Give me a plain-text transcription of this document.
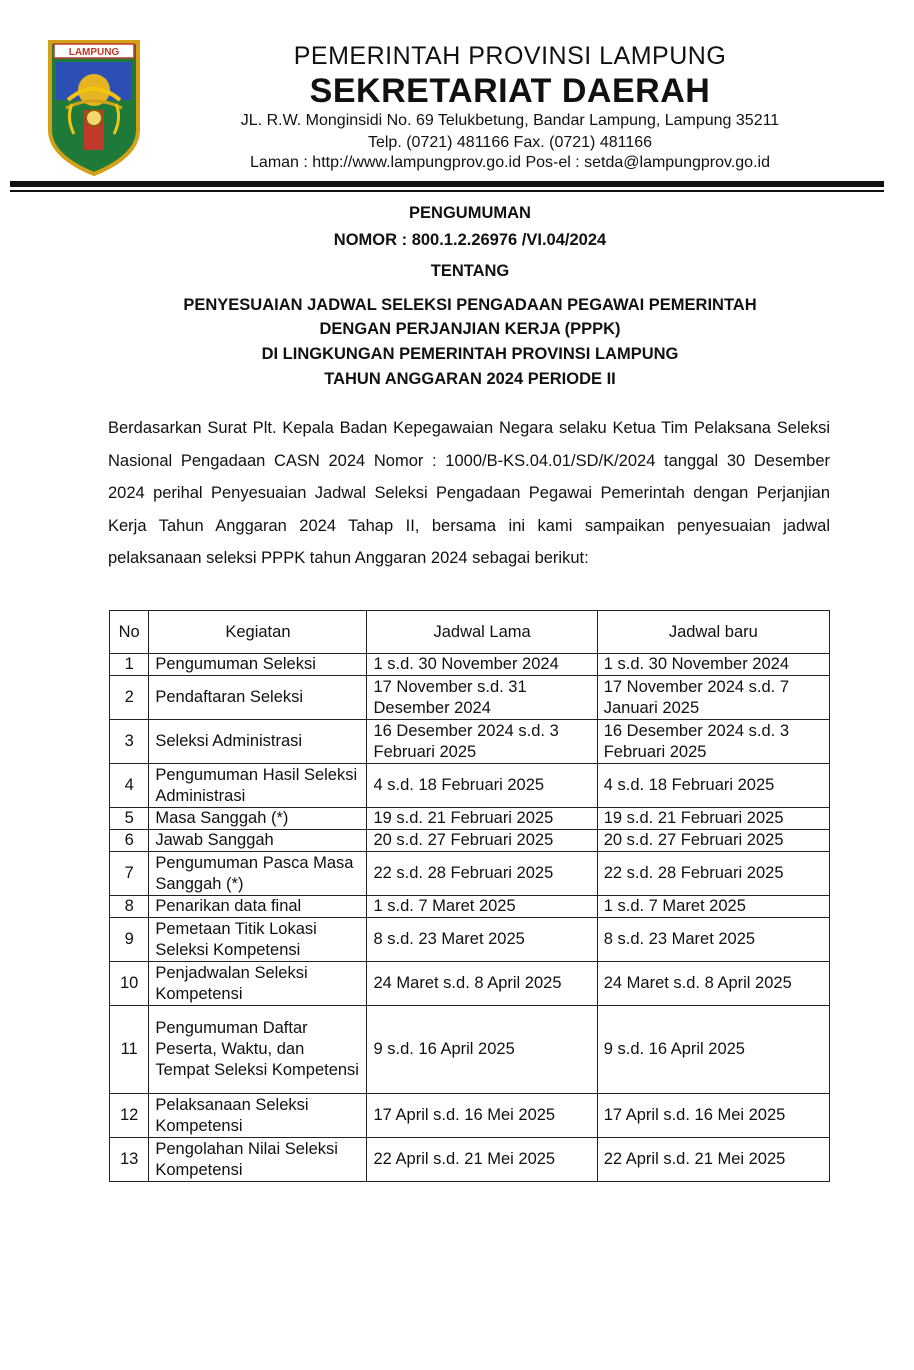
LAMPUNG	PEMERINTAH PROVINSI LAMPUNG
SEKRETARIAT DAERAH
JL. R.W. Monginsidi No. 69 Telukbetung, Bandar Lampung, Lampung 35211
Telp. (0721) 481166 Fax. (0721) 481166
Laman : http://www.lampungprov.go.id Pos-el : setda@lampungprov.go.id
PENGUMUMAN
NOMOR : 800.1.2.26976 /VI.04/2024
TENTANG
PENYESUAIAN JADWAL SELEKSI PENGADAAN PEGAWAI PEMERINTAH
DENGAN PERJANJIAN KERJA (PPPK)
DI LINGKUNGAN PEMERINTAH PROVINSI LAMPUNG
TAHUN ANGGARAN 2024 PERIODE II
Berdasarkan Surat Plt. Kepala Badan Kepegawaian Negara selaku Ketua Tim Pelaksana Seleksi Nasional Pengadaan CASN 2024 Nomor : 1000/B-KS.04.01/SD/K/2024 tanggal 30 Desember 2024 perihal Penyesuaian Jadwal Seleksi Pengadaan Pegawai Pemerintah dengan Perjanjian Kerja Tahun Anggaran 2024 Tahap II, bersama ini kami sampaikan penyesuaian jadwal pelaksanaan seleksi PPPK tahun Anggaran 2024 sebagai berikut:
No	Kegiatan	Jadwal Lama	Jadwal baru
1	Pengumuman Seleksi	1 s.d. 30 November 2024	1 s.d. 30 November 2024
2	Pendaftaran Seleksi	17 November s.d. 31 Desember 2024	17 November 2024 s.d. 7 Januari 2025
3	Seleksi Administrasi	16 Desember 2024 s.d. 3 Februari 2025	16 Desember 2024 s.d. 3 Februari 2025
4	Pengumuman Hasil Seleksi Administrasi	4 s.d. 18 Februari 2025	4 s.d. 18 Februari 2025
5	Masa Sanggah (*)	19 s.d. 21 Februari 2025	19 s.d. 21 Februari 2025
6	Jawab Sanggah	20 s.d. 27 Februari 2025	20 s.d. 27 Februari 2025
7	Pengumuman Pasca Masa Sanggah (*)	22 s.d. 28 Februari 2025	22 s.d. 28 Februari 2025
8	Penarikan data final	1 s.d. 7 Maret 2025	1 s.d. 7 Maret 2025
9	Pemetaan Titik Lokasi Seleksi Kompetensi	8 s.d. 23 Maret 2025	8 s.d. 23 Maret 2025
10	Penjadwalan Seleksi Kompetensi	24 Maret s.d. 8 April 2025	24 Maret s.d. 8 April 2025
11	Pengumuman Daftar Peserta, Waktu, dan Tempat Seleksi Kompetensi	9 s.d. 16 April 2025	9 s.d. 16 April 2025
12	Pelaksanaan Seleksi Kompetensi	17 April s.d. 16 Mei 2025	17 April s.d. 16 Mei 2025
13	Pengolahan Nilai Seleksi Kompetensi	22 April s.d. 21 Mei 2025	22 April s.d. 21 Mei 2025
